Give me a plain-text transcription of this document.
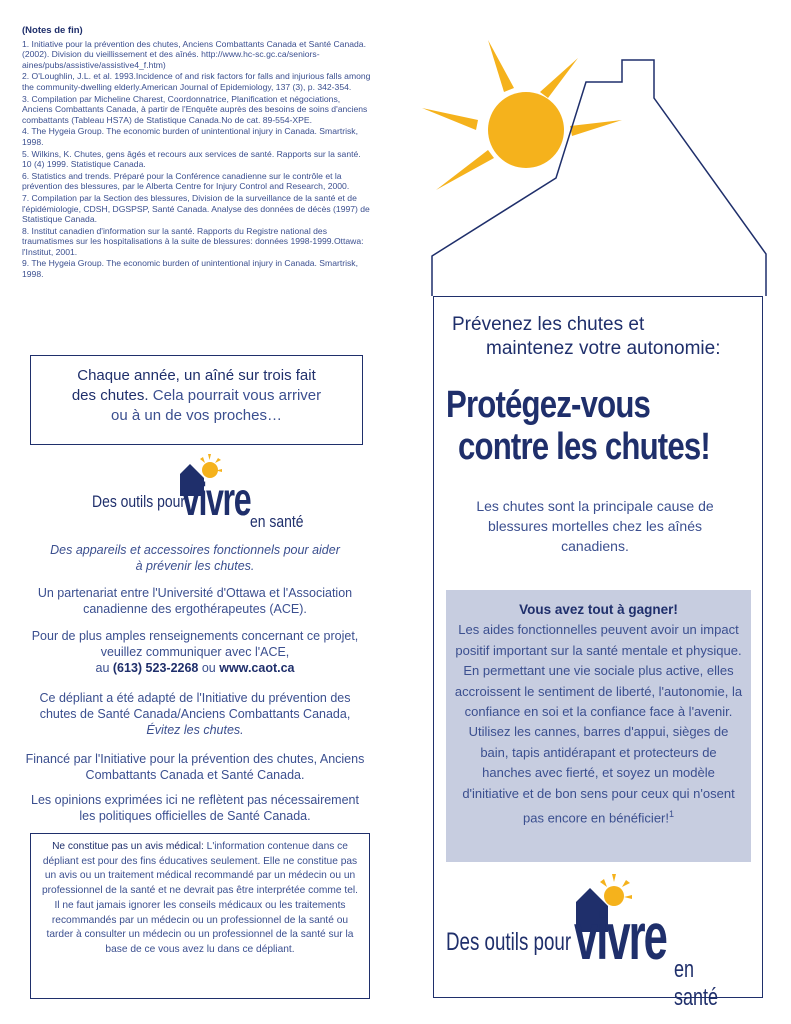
(Notes de fin)

1. Initiative pour la prévention des chutes, Anciens Combattants Canada et Santé Canada. (2002). Division du vieillissement et des aînés. http://www.hc-sc.gc.ca/seniors-aines/pubs/assistive/assistive4_f.htm)

2. O'Loughlin, J.L. et al. 1993.Incidence of and risk factors for falls and injurious falls among the community-dwelling elderly.American Journal of Epidemiology, 137 (3), p. 342-354.

3. Compilation par Micheline Charest, Coordonnatrice, Planification et négociations, Anciens Combattants Canada, à partir de l'Enquête auprès des besoins de soins d'anciens combattants (Tableau HS7A) de Statistique Canada.No de cat. 89-554-XPE.

4. The Hygeia Group. The economic burden of unintentional injury in Canada. Smartrisk, 1998.

5. Wilkins, K. Chutes, gens âgés et recours aux services de santé. Rapports sur la santé. 10 (4) 1999. Statistique Canada.

6. Statistics and trends. Préparé pour la Conférence canadienne sur le contrôle et la prévention des blessures, par le Alberta Centre for Injury Control and Research, 2000.

7. Compilation par la Section des blessures, Division de la surveillance de la santé et de l'épidémiologie, CDSH, DGSPSP, Santé Canada. Analyse des données de décès (1997) de Statistique Canada.

8. Institut canadien d'information sur la santé. Rapports du Registre national des traumatismes sur les hospitalisations à la suite de blessures: données 1998-1999.Ottawa: l'Institut, 2001.

9. The Hygeia Group. The economic burden of unintentional injury in Canada. Smartrisk, 1998.

Chaque année, un aîné sur trois fait
des chutes. Cela pourrait vous arriver
ou à un de vos proches…
Des outils pour
vivre en santé
Des appareils et accessoires fonctionnels pour aider à prévenir les chutes.
Un partenariat entre l'Université d'Ottawa et l'Association canadienne des ergothérapeutes (ACE).
Pour de plus amples renseignements concernant ce projet, veuillez communiquer avec l'ACE,
au (613) 523-2268 ou www.caot.ca
Ce dépliant a été adapté de l'Initiative du prévention des chutes de Santé Canada/Anciens Combattants Canada, Évitez les chutes.
Financé par l'Initiative pour la prévention des chutes, Anciens Combattants Canada et Santé Canada.
Les opinions exprimées ici ne reflètent pas nécessairement les politiques officielles de Santé Canada.
Ne constitue pas un avis médical: L'information contenue dans ce dépliant est pour des fins éducatives seulement. Elle ne constitue pas un avis ou un traitement médical recommandé par un médecin ou un professionnel de la santé et ne devrait pas être interprétée comme tel. Il ne faut jamais ignorer les conseils médicaux ou les traitements recommandés par un médecin ou un professionnel de la santé ou tarder à consulter un médecin ou un professionnel de la santé sur la base de ce vous avez lu dans ce dépliant.
Prévenez les chutes et
maintenez votre autonomie:
Protégez-vous
contre les chutes!
Les chutes sont la principale cause de blessures mortelles chez les aînés canadiens.
Vous avez tout à gagner!
Les aides fonctionnelles peuvent avoir un impact positif important sur la santé mentale et physique. En permettant une vie sociale plus active, elles accroissent le sentiment de liberté, l'autonomie, la confiance en soi et la confiance face à l'avenir. Utilisez les cannes, barres d'appui, sièges de bain, tapis antidérapant et protecteurs de hanches avec fierté, et soyez un modèle d'initiative et de bon sens pour ceux qui n'osent pas encore en bénéficier!$^1$
Des outils pour vivre en santé
